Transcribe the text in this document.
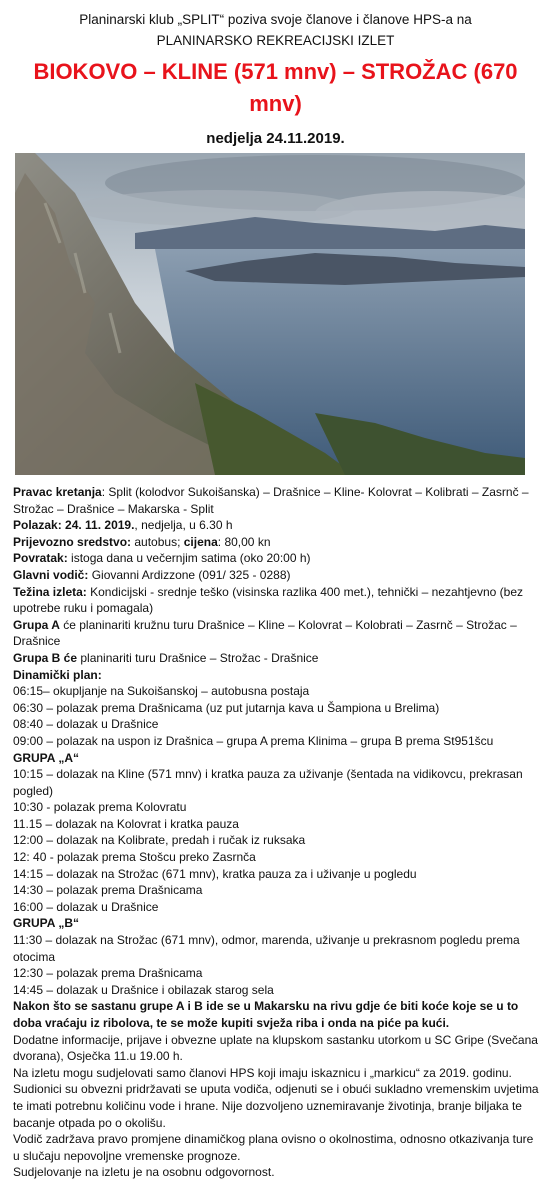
Planinarski klub „SPLIT“ poziva svoje članove i članove HPS-a na
PLANINARSKO REKREACIJSKI IZLET
BIOKOVO – KLINE (571 mnv) – STROŽAC (670 mnv)
nedjelja 24.11.2019.

Pravac kretanja: Split (kolodvor Sukoišanska) – Drašnice – Kline- Kolovrat – Kolibrati – Zasrnč – Strožac – Drašnice – Makarska - Split

Polazak: 24. 11. 2019., nedjelja, u 6.30 h

Prijevozno sredstvo: autobus; cijena: 80,00 kn

Povratak: istoga dana u večernjim satima (oko 20:00 h)

Glavni vodič: Giovanni Ardizzone (091/ 325 - 0288)

Težina izleta: Kondicijski - srednje teško (visinska razlika 400 met.), tehnički – nezahtjevno (bez upotrebe ruku i pomagala)

Grupa A će planinariti kružnu turu Drašnice – Kline – Kolovrat – Kolobrati – Zasrnč – Strožac – Drašnice

Grupa B će planinariti turu Drašnice – Strožac - Drašnice

Dinamički plan:

06:15– okupljanje na Sukoišanskoj – autobusna postaja

06:30 – polazak prema Drašnicama (uz put jutarnja kava u Šampiona u Brelima)

08:40 – dolazak u Drašnice

09:00 – polazak na uspon iz Drašnica – grupa A prema Klinima – grupa B prema St951šcu

GRUPA „A“

10:15 – dolazak na Kline (571 mnv) i kratka pauza za uživanje (šentada na vidikovcu, prekrasan pogled)

10:30 - polazak prema Kolovratu

11.15 – dolazak na Kolovrat i kratka pauza

12:00 – dolazak na Kolibrate, predah i ručak iz ruksaka

12: 40 - polazak prema Stošcu preko Zasrnča

14:15 – dolazak na Strožac (671 mnv), kratka pauza za i uživanje u pogledu

14:30 – polazak prema Drašnicama

16:00 – dolazak u Drašnice

GRUPA „B“

11:30 – dolazak na Strožac (671 mnv), odmor, marenda, uživanje u prekrasnom pogledu prema otocima

12:30 – polazak prema Drašnicama

14:45 – dolazak u Drašnice i obilazak starog sela

Nakon što se sastanu grupe A i B ide se u Makarsku na rivu gdje će biti koće koje se u to doba vraćaju iz ribolova, te se može kupiti svježa riba i onda na piće pa kući.

Dodatne informacije, prijave i obvezne uplate na klupskom sastanku utorkom u SC Gripe (Svečana dvorana), Osječka 11.u 19.00 h.

Na izletu mogu sudjelovati samo članovi HPS koji imaju iskaznicu i „markicu“ za 2019. godinu.

Sudionici su obvezni pridržavati se uputa vodiča, odjenuti se i obući sukladno vremenskim uvjetima te imati potrebnu količinu vode i hrane. Nije dozvoljeno uznemiravanje životinja, branje biljaka te bacanje otpada po o okolišu.

Vodič zadržava pravo promjene dinamičkog plana ovisno o okolnostima, odnosno otkazivanja ture u slučaju nepovoljne vremenske prognoze.

Sudjelovanje na izletu je na osobnu odgovornost.
